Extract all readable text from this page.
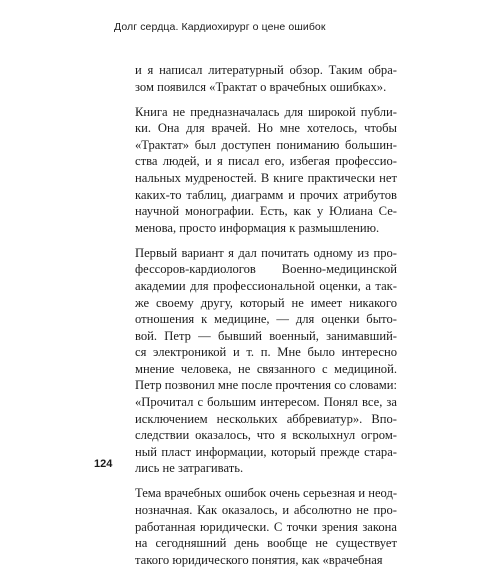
Долг сердца. Кардиохирург о цене ошибок
и я написал литературный обзор. Таким обра-
зом появился «Трактат о врачебных ошибках».
Книга не предназначалась для широкой публи-
ки. Она для врачей. Но мне хотелось, чтобы
«Трактат» был доступен пониманию большин-
ства людей, и я писал его, избегая профессио-
нальных мудреностей. В книге практически нет
каких-то таблиц, диаграмм и прочих атрибутов
научной монографии. Есть, как у Юлиана Се-
менова, просто информация к размышлению.
Первый вариант я дал почитать одному из про-
фессоров-кардиологов Военно-медицинской
академии для профессиональной оценки, а так-
же своему другу, который не имеет никакого
отношения к медицине, — для оценки быто-
вой. Петр — бывший военный, занимавший-
ся электроникой и т. п. Мне было интересно
мнение человека, не связанного с медициной.
Петр позвонил мне после прочтения со словами:
«Прочитал с большим интересом. Понял все, за
исключением нескольких аббревиатур». Впо-
следствии оказалось, что я всколыхнул огром-
ный пласт информации, который прежде стара-
лись не затрагивать.
Тема врачебных ошибок очень серьезная и неод-
нозначная. Как оказалось, и абсолютно не про-
работанная юридически. С точки зрения закона
на сегодняшний день вообще не существует
такого юридического понятия, как «врачебная
124
